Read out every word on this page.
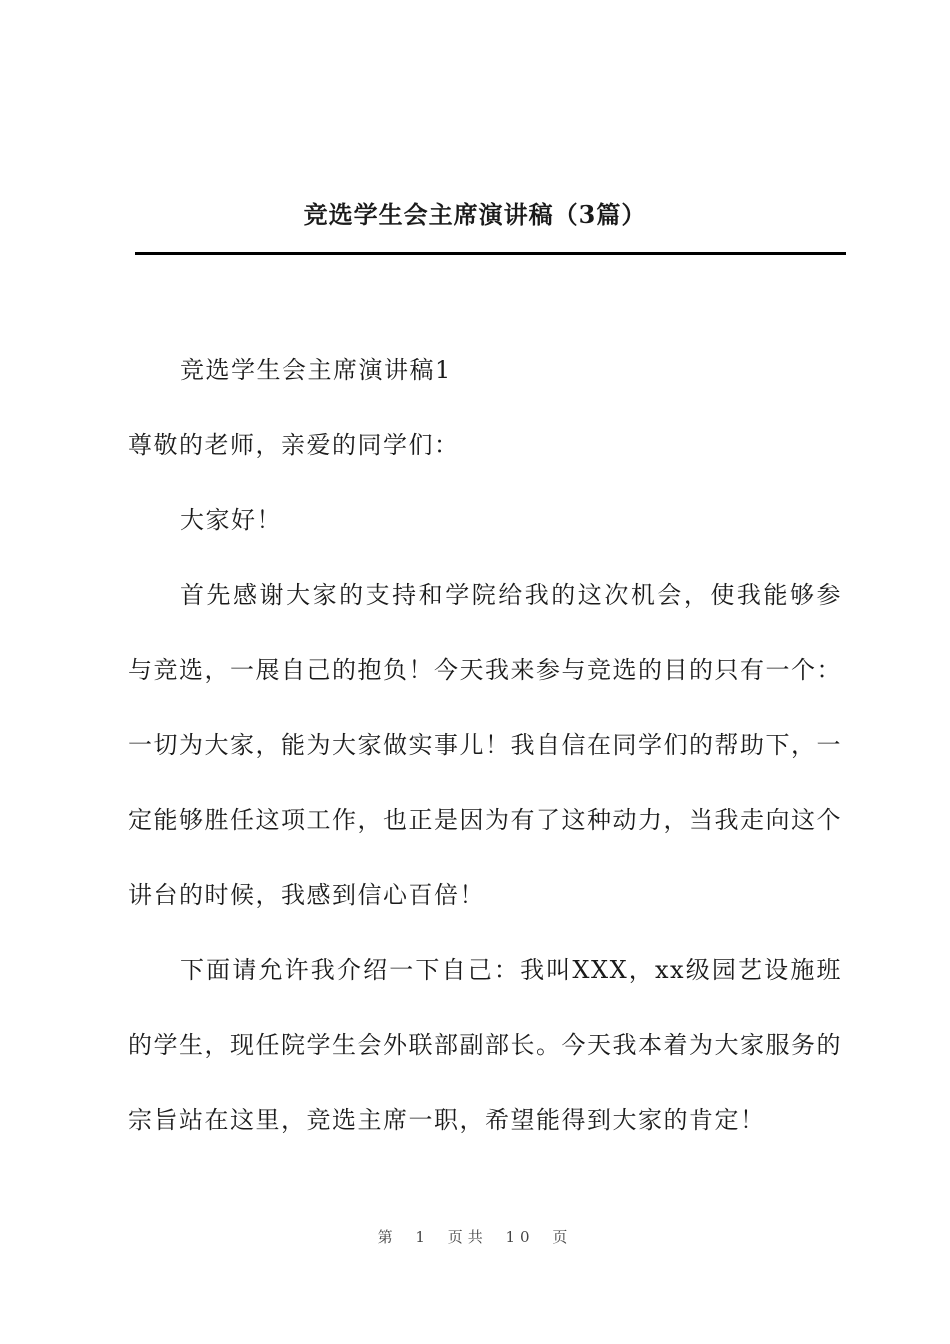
竞选学生会主席演讲稿（3篇）

竞选学生会主席演讲稿1

尊敬的老师，亲爱的同学们：

大家好！

首先感谢大家的支持和学院给我的这次机会，使我能够参与竞选，一展自己的抱负！今天我来参与竞选的目的只有一个：一切为大家，能为大家做实事儿！我自信在同学们的帮助下，一定能够胜任这项工作，也正是因为有了这种动力，当我走向这个讲台的时候，我感到信心百倍！

下面请允许我介绍一下自己：我叫XXX，xx级园艺设施班的学生，现任院学生会外联部副部长。今天我本着为大家服务的宗旨站在这里，竞选主席一职，希望能得到大家的肯定！

第 1 页共 10 页
